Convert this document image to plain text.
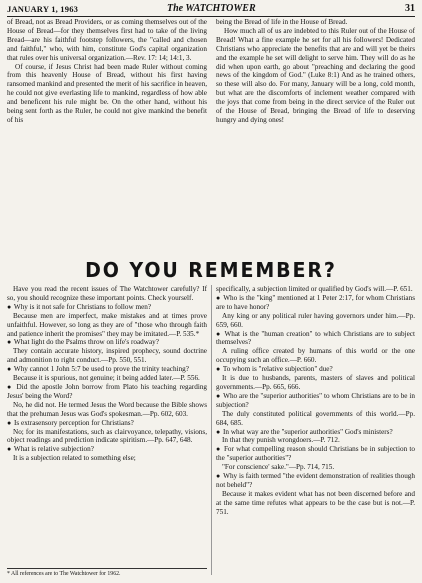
JANUARY 1, 1963	The WATCHTOWER	31

of Bread, not as Bread Providers, or as coming themselves out of the House of Bread—for they themselves first had to take of the living Bread—are his faithful footstep followers, the "called and chosen and faithful," who, with him, constitute God's capital organization that rules over his universal organization.—Rev. 17: 14; 14:1, 3.

Of course, if Jesus Christ had been made Ruler without coming from this heavenly House of Bread, without his first having ransomed mankind and presented the merit of his sacrifice in heaven, he could not give everlasting life to mankind, regardless of how able and beneficent his rule might be. On the other hand, without his being sent forth as the Ruler, he could not give mankind the benefit of his

being the Bread of life in the House of Bread.

How much all of us are indebted to this Ruler out of the House of Bread! What a fine example he set for all his followers! Dedicated Christians who appreciate the benefits that are and will yet be theirs and the example he set will delight to serve him. They will do as he did when upon earth, go about "preaching and declaring the good news of the kingdom of God." (Luke 8:1) And as he trained others, so these will also do. For many, January will be a long, cold month, but what are the discomforts of inclement weather compared with the joys that come from being in the direct service of the Ruler out of the House of Bread, bringing the Bread of life to deserving hungry and dying ones!

DO YOU REMEMBER?

Have you read the recent issues of The Watchtower carefully? If so, you should recognize these important points. Check yourself.

● Why is it not safe for Christians to follow men?

Because men are imperfect, make mistakes and at times prove unfaithful. However, so long as they are of "those who through faith and patience inherit the promises" they may be imitated.—P. 535.*

● What light do the Psalms throw on life's roadway?

They contain accurate history, inspired prophecy, sound doctrine and admonition to right conduct.—Pp. 550, 551.

● Why cannot 1 John 5:7 be used to prove the trinity teaching?

Because it is spurious, not genuine; it being added later.—P. 556.

● Did the apostle John borrow from Plato his teaching regarding Jesus' being the Word?

No, he did not. He termed Jesus the Word because the Bible shows that the prehuman Jesus was God's spokesman.—Pp. 602, 603.

● Is extrasensory perception for Christians?

No; for its manifestations, such as clairvoyance, telepathy, visions, object readings and prediction indicate spiritism.—Pp. 647, 648.

● What is relative subjection?

It is a subjection related to something else;

specifically, a subjection limited or qualified by God's will.—P. 651.

● Who is the "king" mentioned at 1 Peter 2:17, for whom Christians are to have honor?

Any king or any political ruler having governors under him.—Pp. 659, 660.

● What is the "human creation" to which Christians are to subject themselves?

A ruling office created by humans of this world or the one occupying such an office.—P. 660.

● To whom is "relative subjection" due?

It is due to husbands, parents, masters of slaves and political governments.—Pp. 665, 666.

● Who are the "superior authorities" to whom Christians are to be in subjection?

The duly constituted political governments of this world.—Pp. 684, 685.

● In what way are the "superior authorities" God's ministers?

In that they punish wrongdoers.—P. 712.

● For what compelling reason should Christians be in subjection to the "superior authorities"?

"For conscience' sake."—Pp. 714, 715.

● Why is faith termed "the evident demonstration of realities though not beheld"?

Because it makes evident what has not been discerned before and at the same time refutes what appears to be the case but is not.—P. 751.

* All references are to The Watchtower for 1962.
